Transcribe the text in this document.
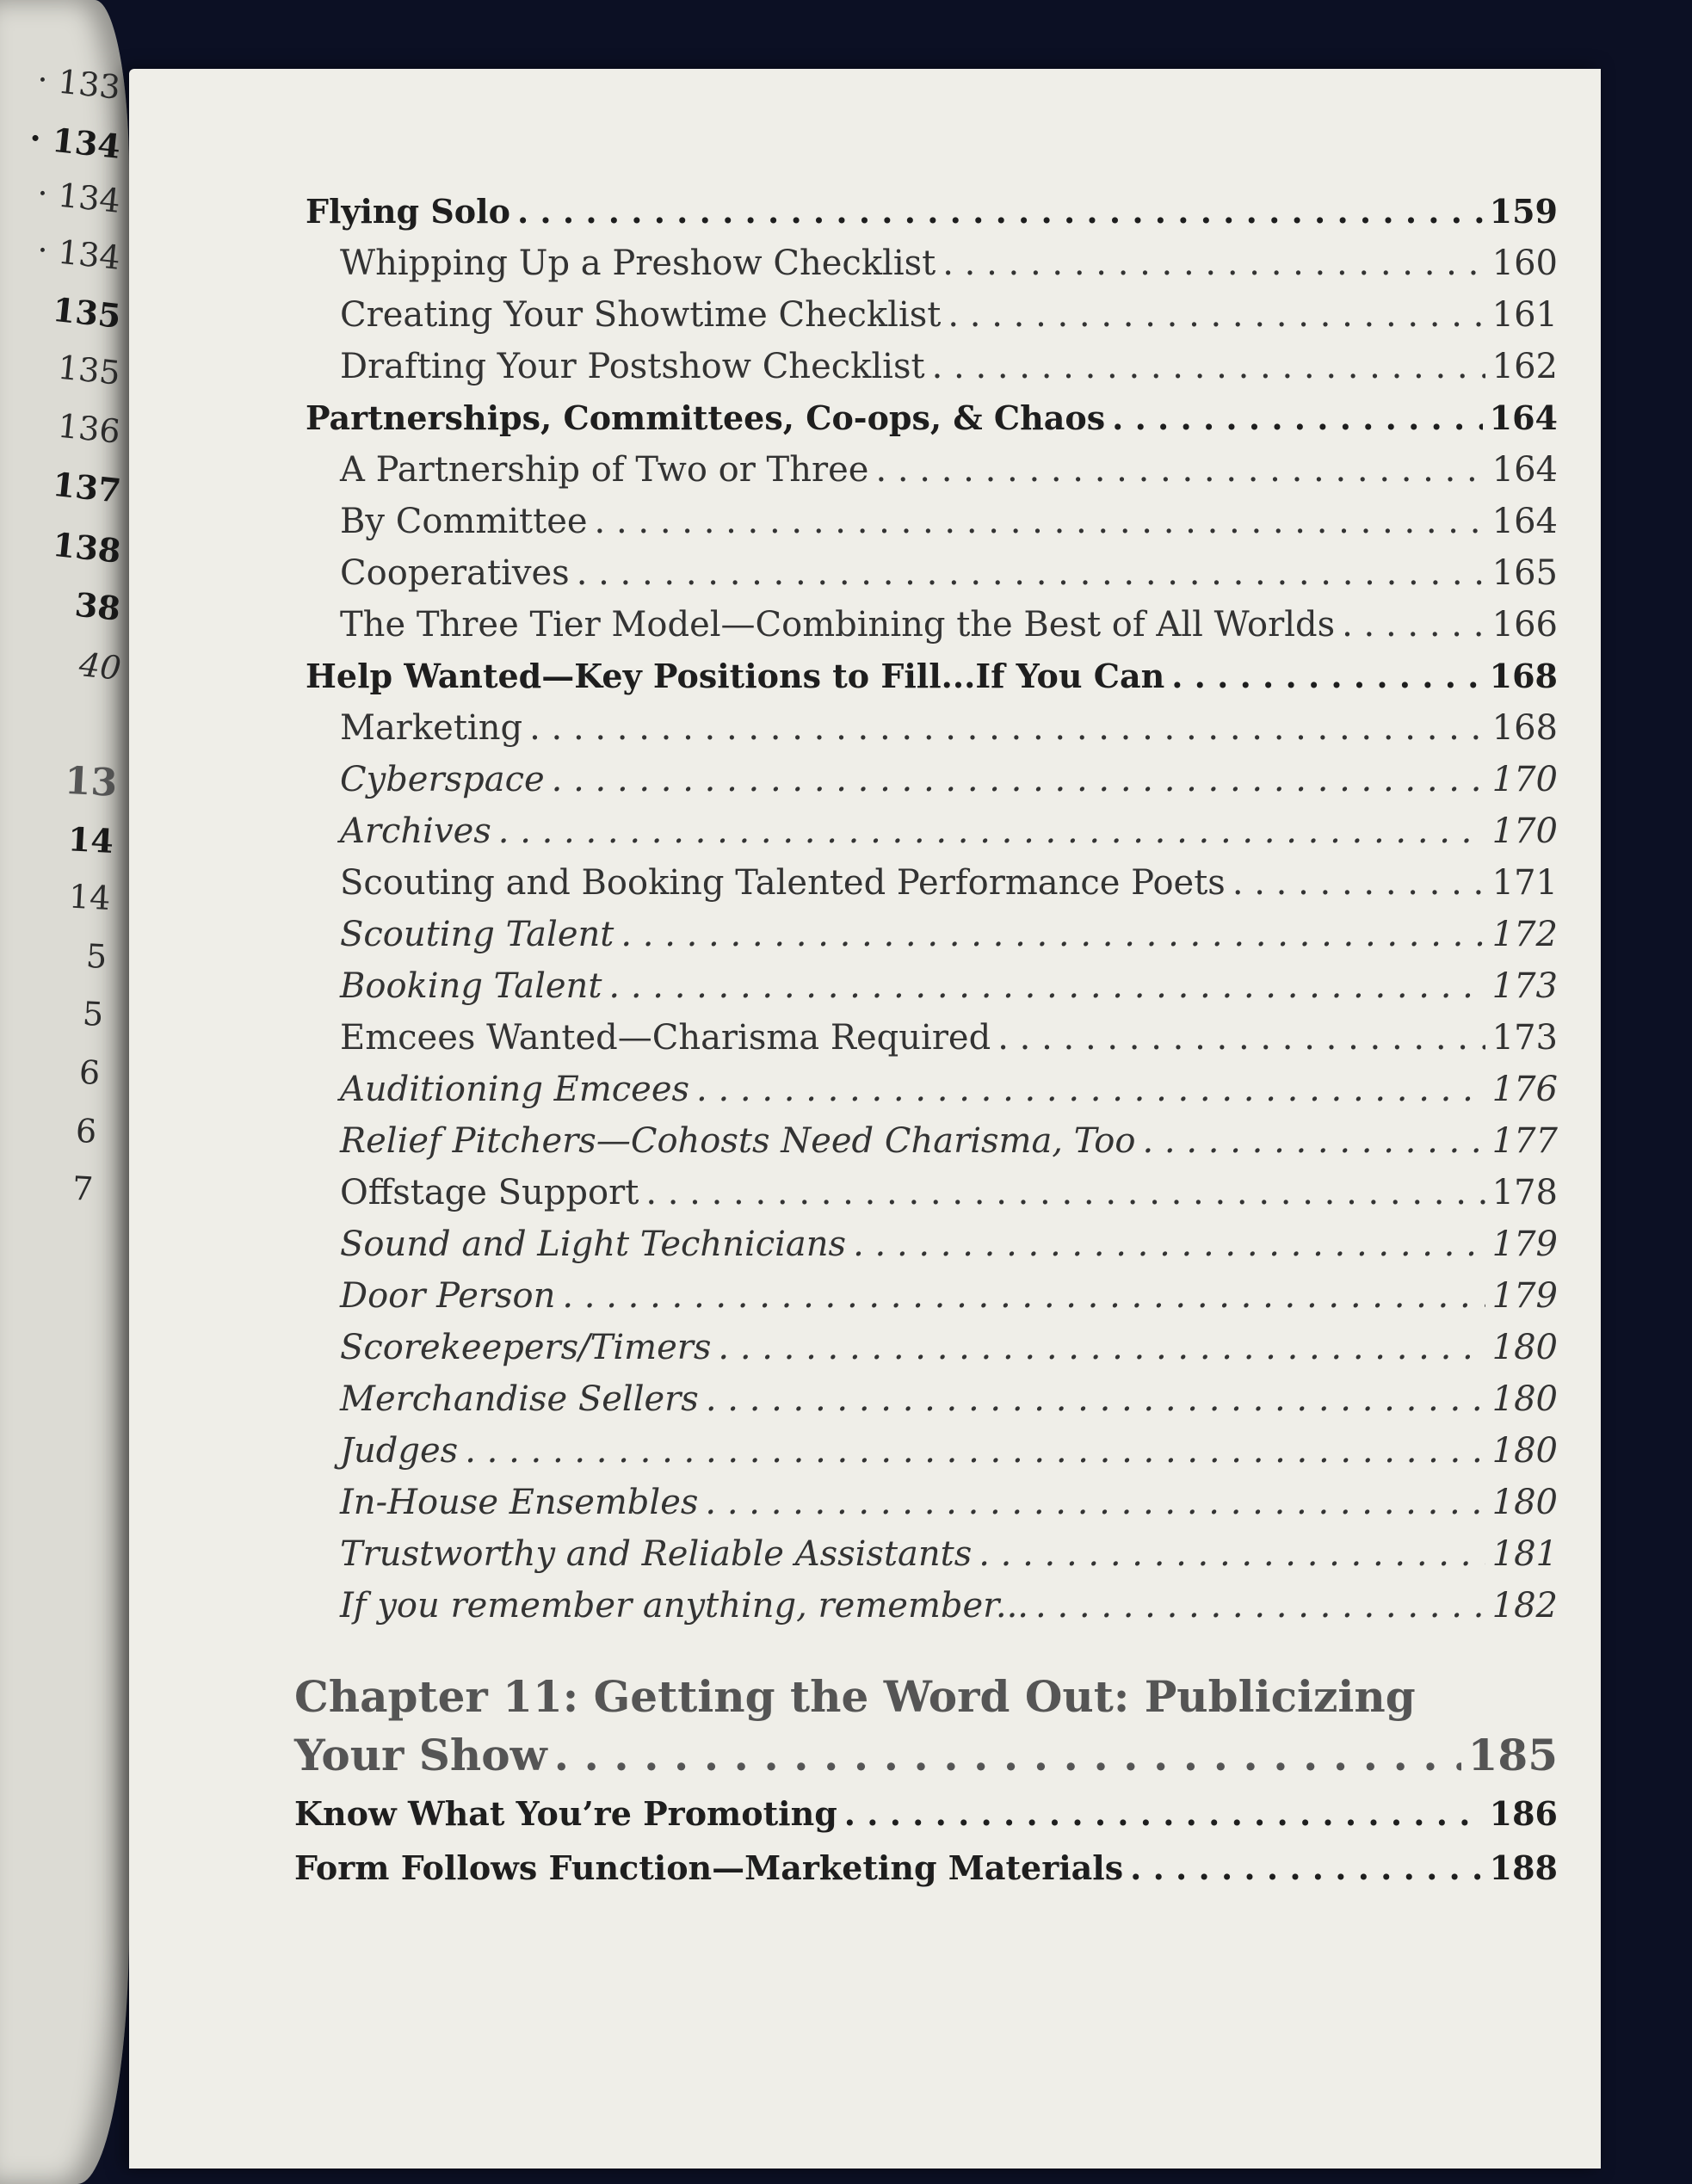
· 133
· 134
· 134
· 134
135
135
136
137
138
38
40
13
14
14
5
5
6
6
7
Flying Solo . . .	159
Whipping Up a Preshow Checklist . . .	160
Creating Your Showtime Checklist . . .	161
Drafting Your Postshow Checklist . . .	162
Partnerships, Committees, Co-ops, & Chaos . . .	164
A Partnership of Two or Three . . .	164
By Committee . . .	164
Cooperatives . . .	165
The Three Tier Model—Combining the Best of All Worlds . . .	166
Help Wanted—Key Positions to Fill...If You Can . . .	168
Marketing . . .	168
Cyberspace . . .	170
Archives . . .	170
Scouting and Booking Talented Performance Poets . . .	171
Scouting Talent . . .	172
Booking Talent . . .	173
Emcees Wanted—Charisma Required . . .	173
Auditioning Emcees . . .	176
Relief Pitchers—Cohosts Need Charisma, Too . . .	177
Offstage Support . . .	178
Sound and Light Technicians . . .	179
Door Person . . .	179
Scorekeepers/Timers . . .	180
Merchandise Sellers . . .	180
Judges . . .	180
In-House Ensembles . . .	180
Trustworthy and Reliable Assistants . . .	181
If you remember anything, remember... . . .	182
Chapter 11: Getting the Word Out: Publicizing
Your Show . . .	185
Know What You’re Promoting . . .	186
Form Follows Function—Marketing Materials . . .	188
